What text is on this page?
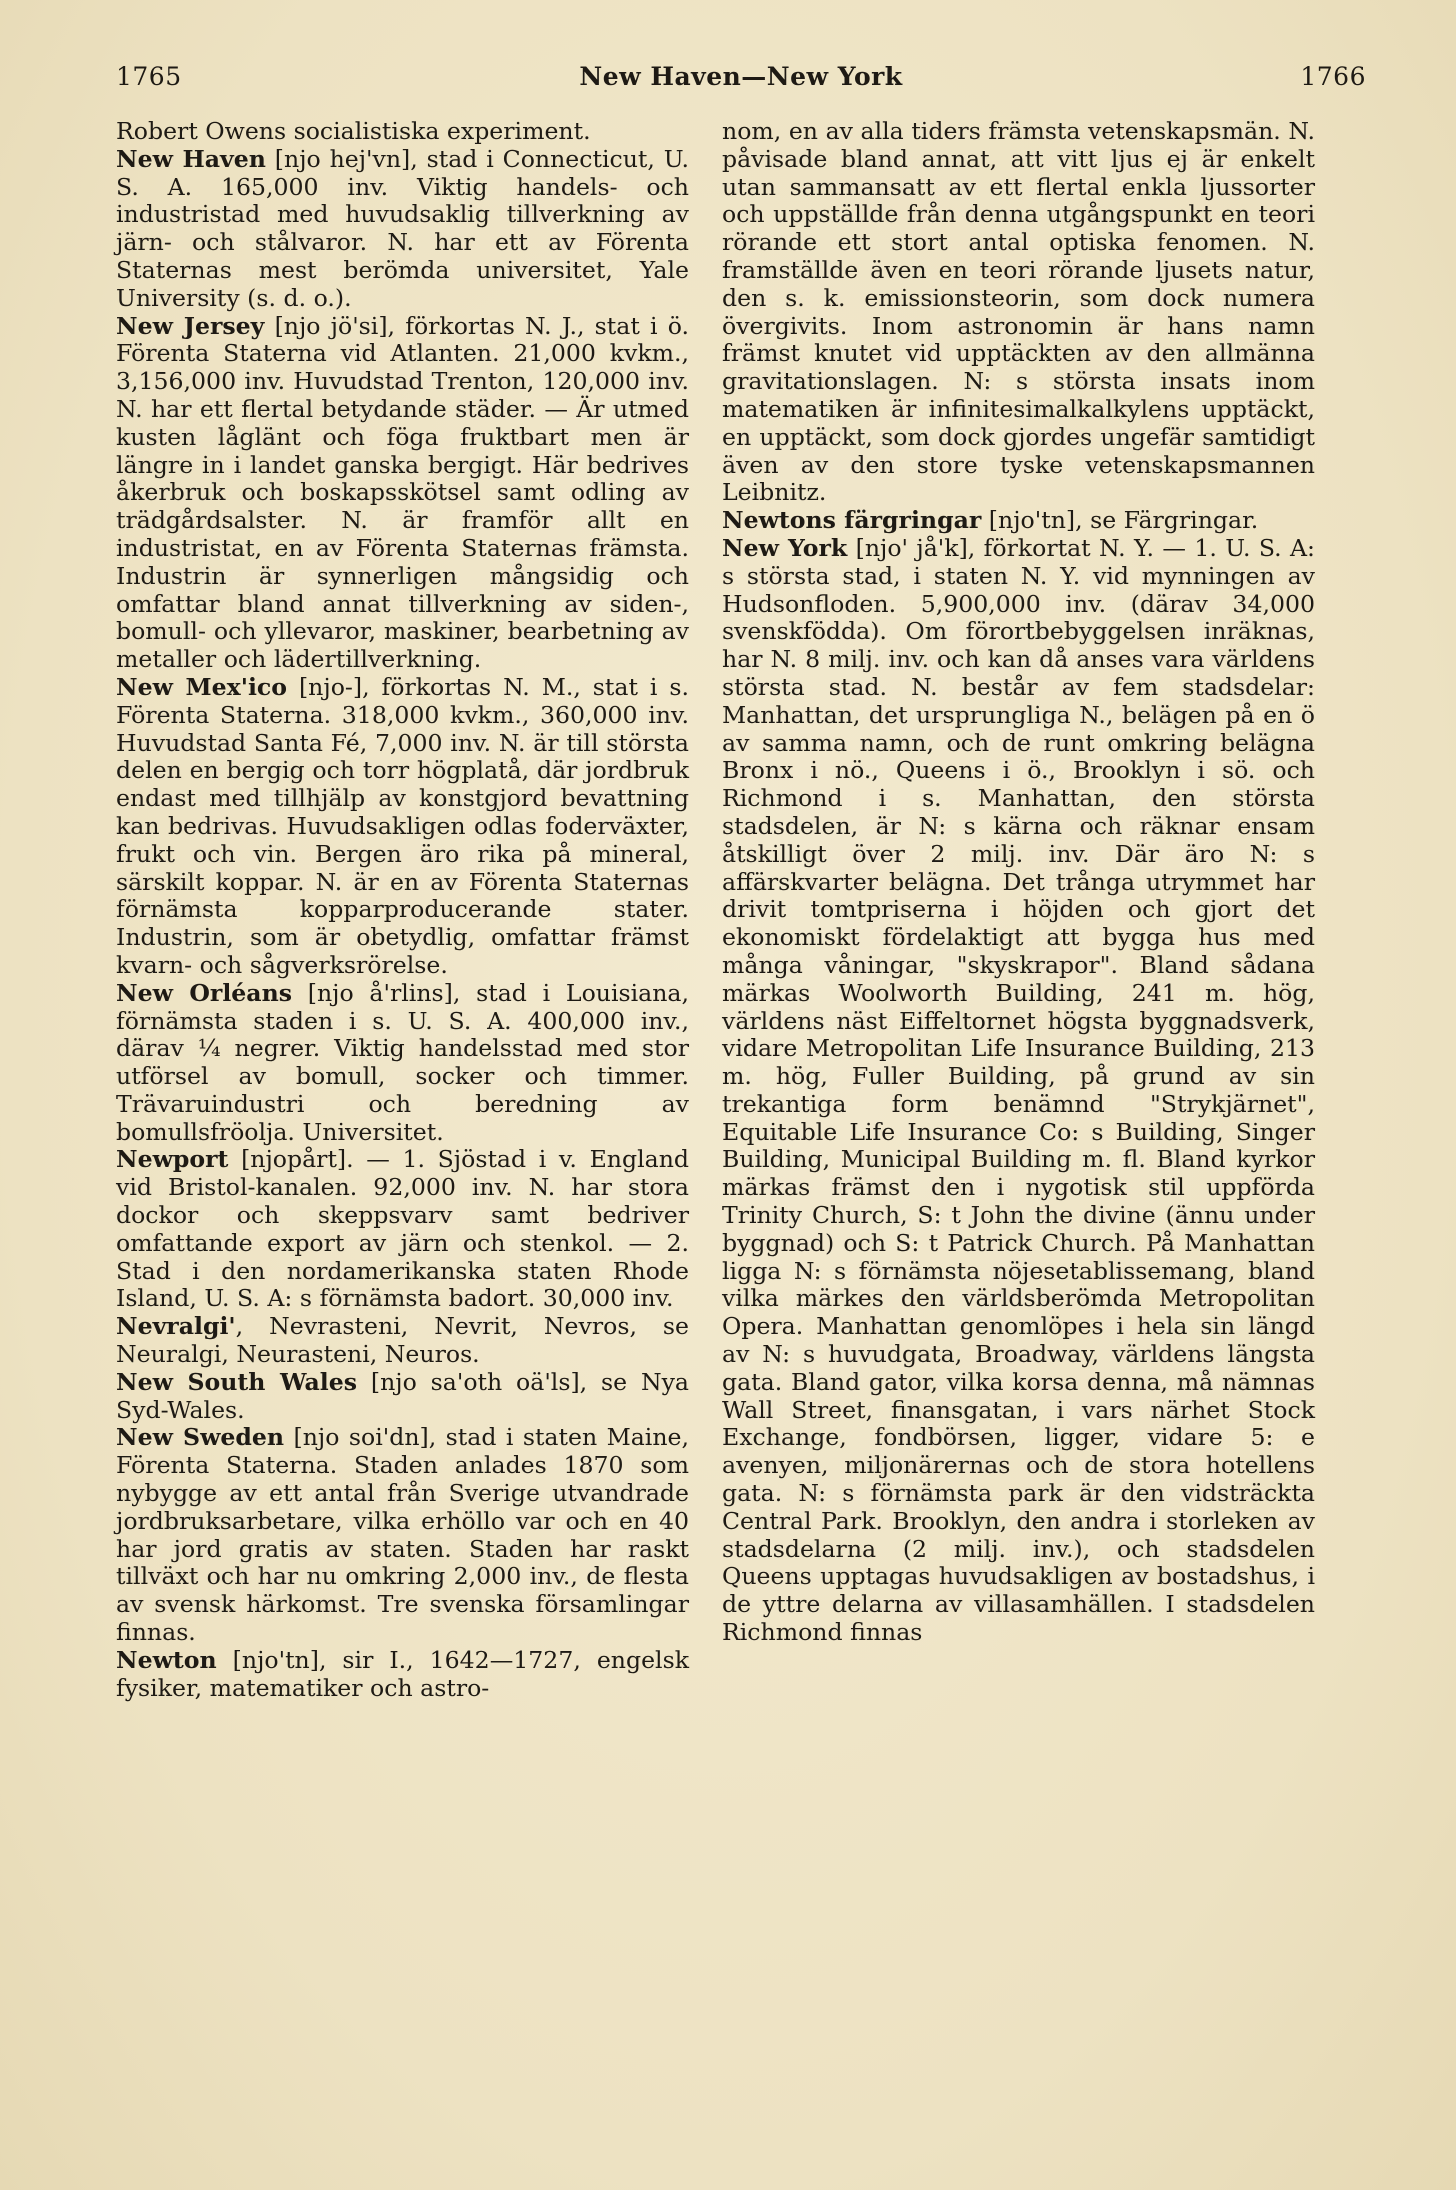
New Haven—New York
1765	1766

Robert Owens socialistiska experiment.

New Haven [njo hej'vn], stad i Connecticut, U. S. A. 165,000 inv. Viktig handels- och industristad med huvudsaklig tillverkning av järn- och stålvaror. N. har ett av Förenta Staternas mest berömda universitet, Yale University (s. d. o.).

New Jersey [njo jö'si], förkortas N. J., stat i ö. Förenta Staterna vid Atlanten. 21,000 kvkm., 3,156,000 inv. Huvudstad Trenton, 120,000 inv. N. har ett flertal betydande städer. — Är utmed kusten låglänt och föga fruktbart men är längre in i landet ganska bergigt. Här bedrives åkerbruk och boskapsskötsel samt odling av trädgårdsalster. N. är framför allt en industristat, en av Förenta Staternas främsta. Industrin är synnerligen mångsidig och omfattar bland annat tillverkning av siden-, bomull- och yllevaror, maskiner, bearbetning av metaller och lädertillverkning.

New Mex'ico [njo-], förkortas N. M., stat i s. Förenta Staterna. 318,000 kvkm., 360,000 inv. Huvudstad Santa Fé, 7,000 inv. N. är till största delen en bergig och torr högplatå, där jordbruk endast med tillhjälp av konstgjord bevattning kan bedrivas. Huvudsakligen odlas foderväxter, frukt och vin. Bergen äro rika på mineral, särskilt koppar. N. är en av Förenta Staternas förnämsta kopparproducerande stater. Industrin, som är obetydlig, omfattar främst kvarn- och sågverksrörelse.

New Orléans [njo å'rlins], stad i Louisiana, förnämsta staden i s. U. S. A. 400,000 inv., därav ¼ negrer. Viktig handelsstad med stor utförsel av bomull, socker och timmer. Trävaruindustri och beredning av bomullsfröolja. Universitet.

Newport [njopårt]. — 1. Sjöstad i v. England vid Bristol-kanalen. 92,000 inv. N. har stora dockor och skeppsvarv samt bedriver omfattande export av järn och stenkol. — 2. Stad i den nordamerikanska staten Rhode Island, U. S. A: s förnämsta badort. 30,000 inv.

Nevralgi', Nevrasteni, Nevrit, Nevros, se Neuralgi, Neurasteni, Neuros.

New South Wales [njo sa'oth oä'ls], se Nya Syd-Wales.

New Sweden [njo soi'dn], stad i staten Maine, Förenta Staterna. Staden anlades 1870 som nybygge av ett antal från Sverige utvandrade jordbruksarbetare, vilka erhöllo var och en 40 har jord gratis av staten. Staden har raskt tillväxt och har nu omkring 2,000 inv., de flesta av svensk härkomst. Tre svenska församlingar finnas.

Newton [njo'tn], sir I., 1642—1727, engelsk fysiker, matematiker och astro-

nom, en av alla tiders främsta vetenskapsmän. N. påvisade bland annat, att vitt ljus ej är enkelt utan sammansatt av ett flertal enkla ljussorter och uppställde från denna utgångspunkt en teori rörande ett stort antal optiska fenomen. N. framställde även en teori rörande ljusets natur, den s. k. emissionsteorin, som dock numera övergivits. Inom astronomin är hans namn främst knutet vid upptäckten av den allmänna gravitationslagen. N: s största insats inom matematiken är infinitesimalkalkylens upptäckt, en upptäckt, som dock gjordes ungefär samtidigt även av den store tyske vetenskapsmannen Leibnitz.

Newtons färgringar [njo'tn], se Färgringar.

New York [njo' jå'k], förkortat N. Y. — 1. U. S. A: s största stad, i staten N. Y. vid mynningen av Hudsonfloden. 5,900,000 inv. (därav 34,000 svenskfödda). Om förortbebyggelsen inräknas, har N. 8 milj. inv. och kan då anses vara världens största stad. N. består av fem stadsdelar: Manhattan, det ursprungliga N., belägen på en ö av samma namn, och de runt omkring belägna Bronx i nö., Queens i ö., Brooklyn i sö. och Richmond i s. Manhattan, den största stadsdelen, är N: s kärna och räknar ensam åtskilligt över 2 milj. inv. Där äro N: s affärskvarter belägna. Det trånga utrymmet har drivit tomtpriserna i höjden och gjort det ekonomiskt fördelaktigt att bygga hus med många våningar, "skyskrapor". Bland sådana märkas Woolworth Building, 241 m. hög, världens näst Eiffeltornet högsta byggnadsverk, vidare Metropolitan Life Insurance Building, 213 m. hög, Fuller Building, på grund av sin trekantiga form benämnd "Strykjärnet", Equitable Life Insurance Co: s Building, Singer Building, Municipal Building m. fl. Bland kyrkor märkas främst den i nygotisk stil uppförda Trinity Church, S: t John the divine (ännu under byggnad) och S: t Patrick Church. På Manhattan ligga N: s förnämsta nöjesetablissemang, bland vilka märkes den världsberömda Metropolitan Opera. Manhattan genomlöpes i hela sin längd av N: s huvudgata, Broadway, världens längsta gata. Bland gator, vilka korsa denna, må nämnas Wall Street, finansgatan, i vars närhet Stock Exchange, fondbörsen, ligger, vidare 5: e avenyen, miljonärernas och de stora hotellens gata. N: s förnämsta park är den vidsträckta Central Park. Brooklyn, den andra i storleken av stadsdelarna (2 milj. inv.), och stadsdelen Queens upptagas huvudsakligen av bostadshus, i de yttre delarna av villasamhällen. I stadsdelen Richmond finnas
